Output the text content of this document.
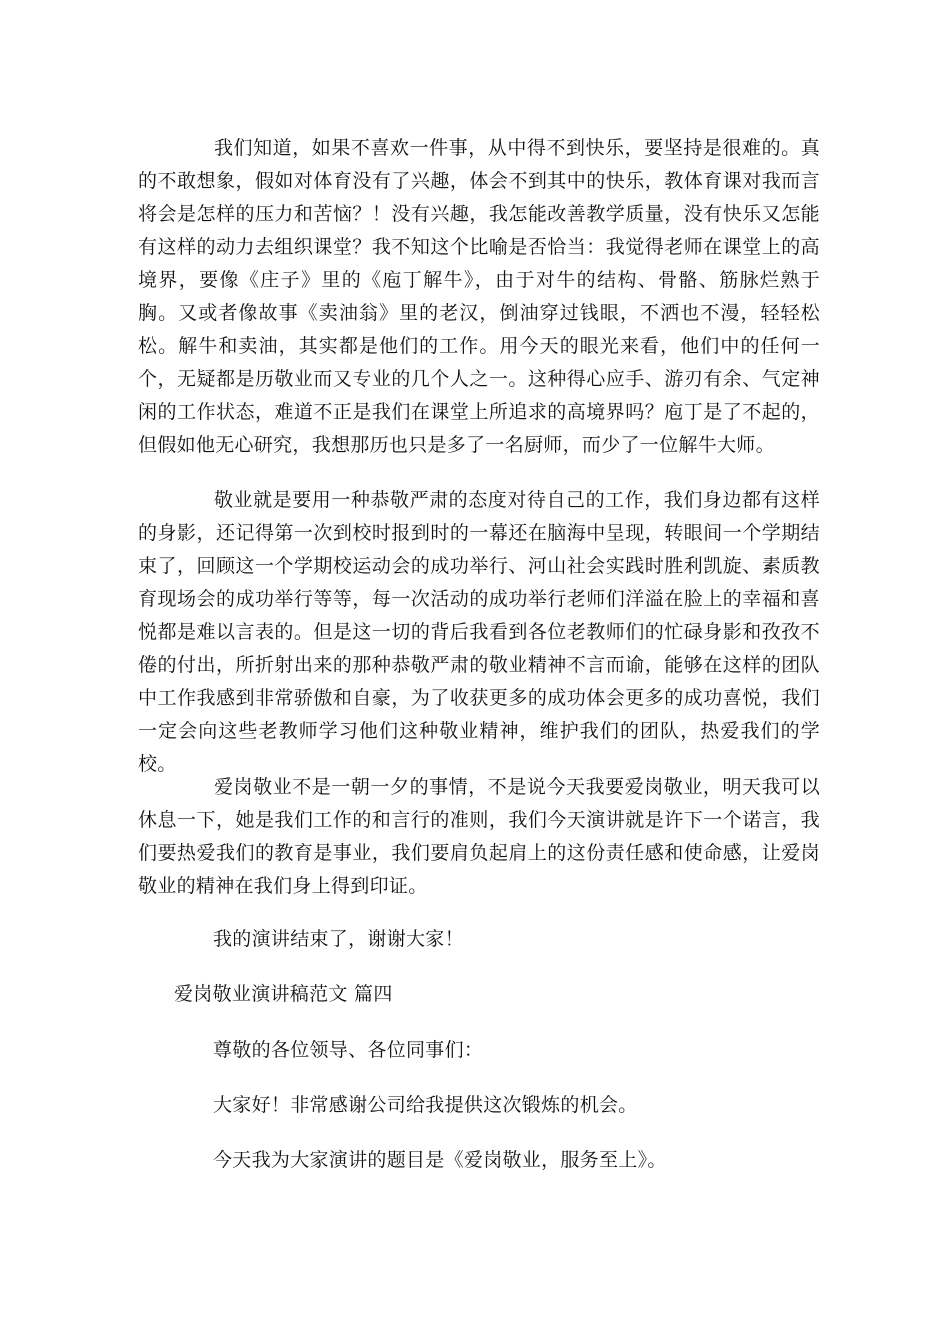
我们知道，如果不喜欢一件事，从中得不到快乐，要坚持是很难的。真的不敢想象，假如对体育没有了兴趣，体会不到其中的快乐，教体育课对我而言将会是怎样的压力和苦恼？！没有兴趣，我怎能改善教学质量，没有快乐又怎能有这样的动力去组织课堂？我不知这个比喻是否恰当：我觉得老师在课堂上的高境界，要像《庄子》里的《庖丁解牛》，由于对牛的结构、骨骼、筋脉烂熟于胸。又或者像故事《卖油翁》里的老汉，倒油穿过钱眼，不洒也不漫，轻轻松松。解牛和卖油，其实都是他们的工作。用今天的眼光来看，他们中的任何一个，无疑都是历敬业而又专业的几个人之一。这种得心应手、游刃有余、气定神闲的工作状态，难道不正是我们在课堂上所追求的高境界吗？庖丁是了不起的，但假如他无心研究，我想那历也只是多了一名厨师，而少了一位解牛大师。

敬业就是要用一种恭敬严肃的态度对待自己的工作，我们身边都有这样的身影，还记得第一次到校时报到时的一幕还在脑海中呈现，转眼间一个学期结束了，回顾这一个学期校运动会的成功举行、河山社会实践时胜利凯旋、素质教育现场会的成功举行等等，每一次活动的成功举行老师们洋溢在脸上的幸福和喜悦都是难以言表的。但是这一切的背后我看到各位老教师们的忙碌身影和孜孜不倦的付出，所折射出来的那种恭敬严肃的敬业精神不言而谕，能够在这样的团队中工作我感到非常骄傲和自豪，为了收获更多的成功体会更多的成功喜悦，我们一定会向这些老教师学习他们这种敬业精神，维护我们的团队，热爱我们的学校。

爱岗敬业不是一朝一夕的事情，不是说今天我要爱岗敬业，明天我可以休息一下，她是我们工作的和言行的准则，我们今天演讲就是许下一个诺言，我们要热爱我们的教育是事业，我们要肩负起肩上的这份责任感和使命感，让爱岗敬业的精神在我们身上得到印证。

我的演讲结束了，谢谢大家！

爱岗敬业演讲稿范文 篇四

尊敬的各位领导、各位同事们：

大家好！非常感谢公司给我提供这次锻炼的机会。

今天我为大家演讲的题目是《爱岗敬业，服务至上》。
